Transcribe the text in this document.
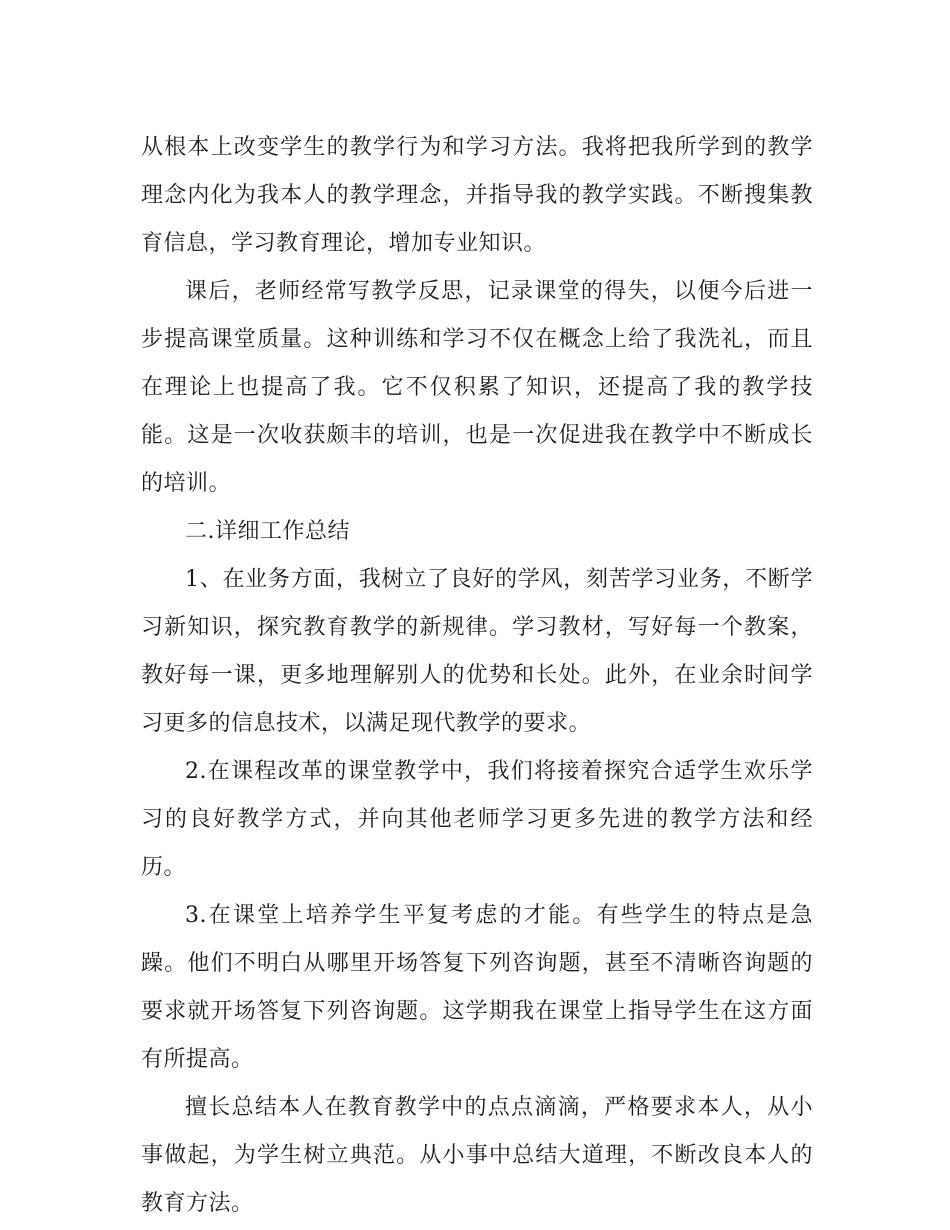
从根本上改变学生的教学行为和学习方法。我将把我所学到的教学理念内化为我本人的教学理念，并指导我的教学实践。不断搜集教育信息，学习教育理论，增加专业知识。

课后，老师经常写教学反思，记录课堂的得失，以便今后进一步提高课堂质量。这种训练和学习不仅在概念上给了我洗礼，而且在理论上也提高了我。它不仅积累了知识，还提高了我的教学技能。这是一次收获颇丰的培训，也是一次促进我在教学中不断成长的培训。

二.详细工作总结

1、在业务方面，我树立了良好的学风，刻苦学习业务，不断学习新知识，探究教育教学的新规律。学习教材，写好每一个教案，教好每一课，更多地理解别人的优势和长处。此外，在业余时间学习更多的信息技术，以满足现代教学的要求。

2.在课程改革的课堂教学中，我们将接着探究合适学生欢乐学习的良好教学方式，并向其他老师学习更多先进的教学方法和经历。

3.在课堂上培养学生平复考虑的才能。有些学生的特点是急躁。他们不明白从哪里开场答复下列咨询题，甚至不清晰咨询题的要求就开场答复下列咨询题。这学期我在课堂上指导学生在这方面有所提高。

擅长总结本人在教育教学中的点点滴滴，严格要求本人，从小事做起，为学生树立典范。从小事中总结大道理，不断改良本人的教育方法。
